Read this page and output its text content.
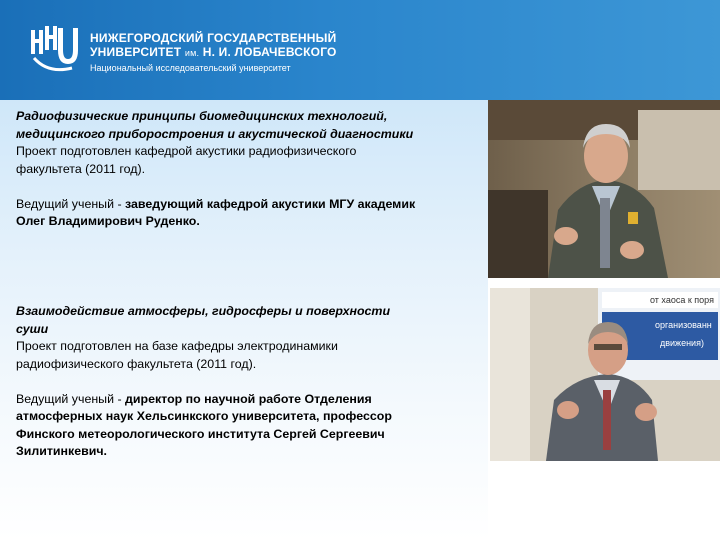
НИЖЕГОРОДСКИЙ ГОСУДАРСТВЕННЫЙ
УНИВЕРСИТЕТ им. Н. И. ЛОБАЧЕВСКОГО
Национальный исследовательский университет
Радиофизические принципы биомедицинских технологий, медицинского приборостроения и акустической диагностики
Проект подготовлен кафедрой акустики радиофизического факультета (2011 год).
Ведущий ученый - заведующий кафедрой акустики МГУ академик Олег Владимирович Руденко.
Взаимодействие атмосферы, гидросферы и поверхности суши
Проект подготовлен на базе кафедры электродинамики радиофизического факультета (2011 год).
Ведущий ученый - директор по научной работе Отделения атмосферных наук Хельсинкского университета, профессор Финского метеорологического института Сергей Сергеевич Зилитинкевич.
от хаоса к поря
организованн
движения)
